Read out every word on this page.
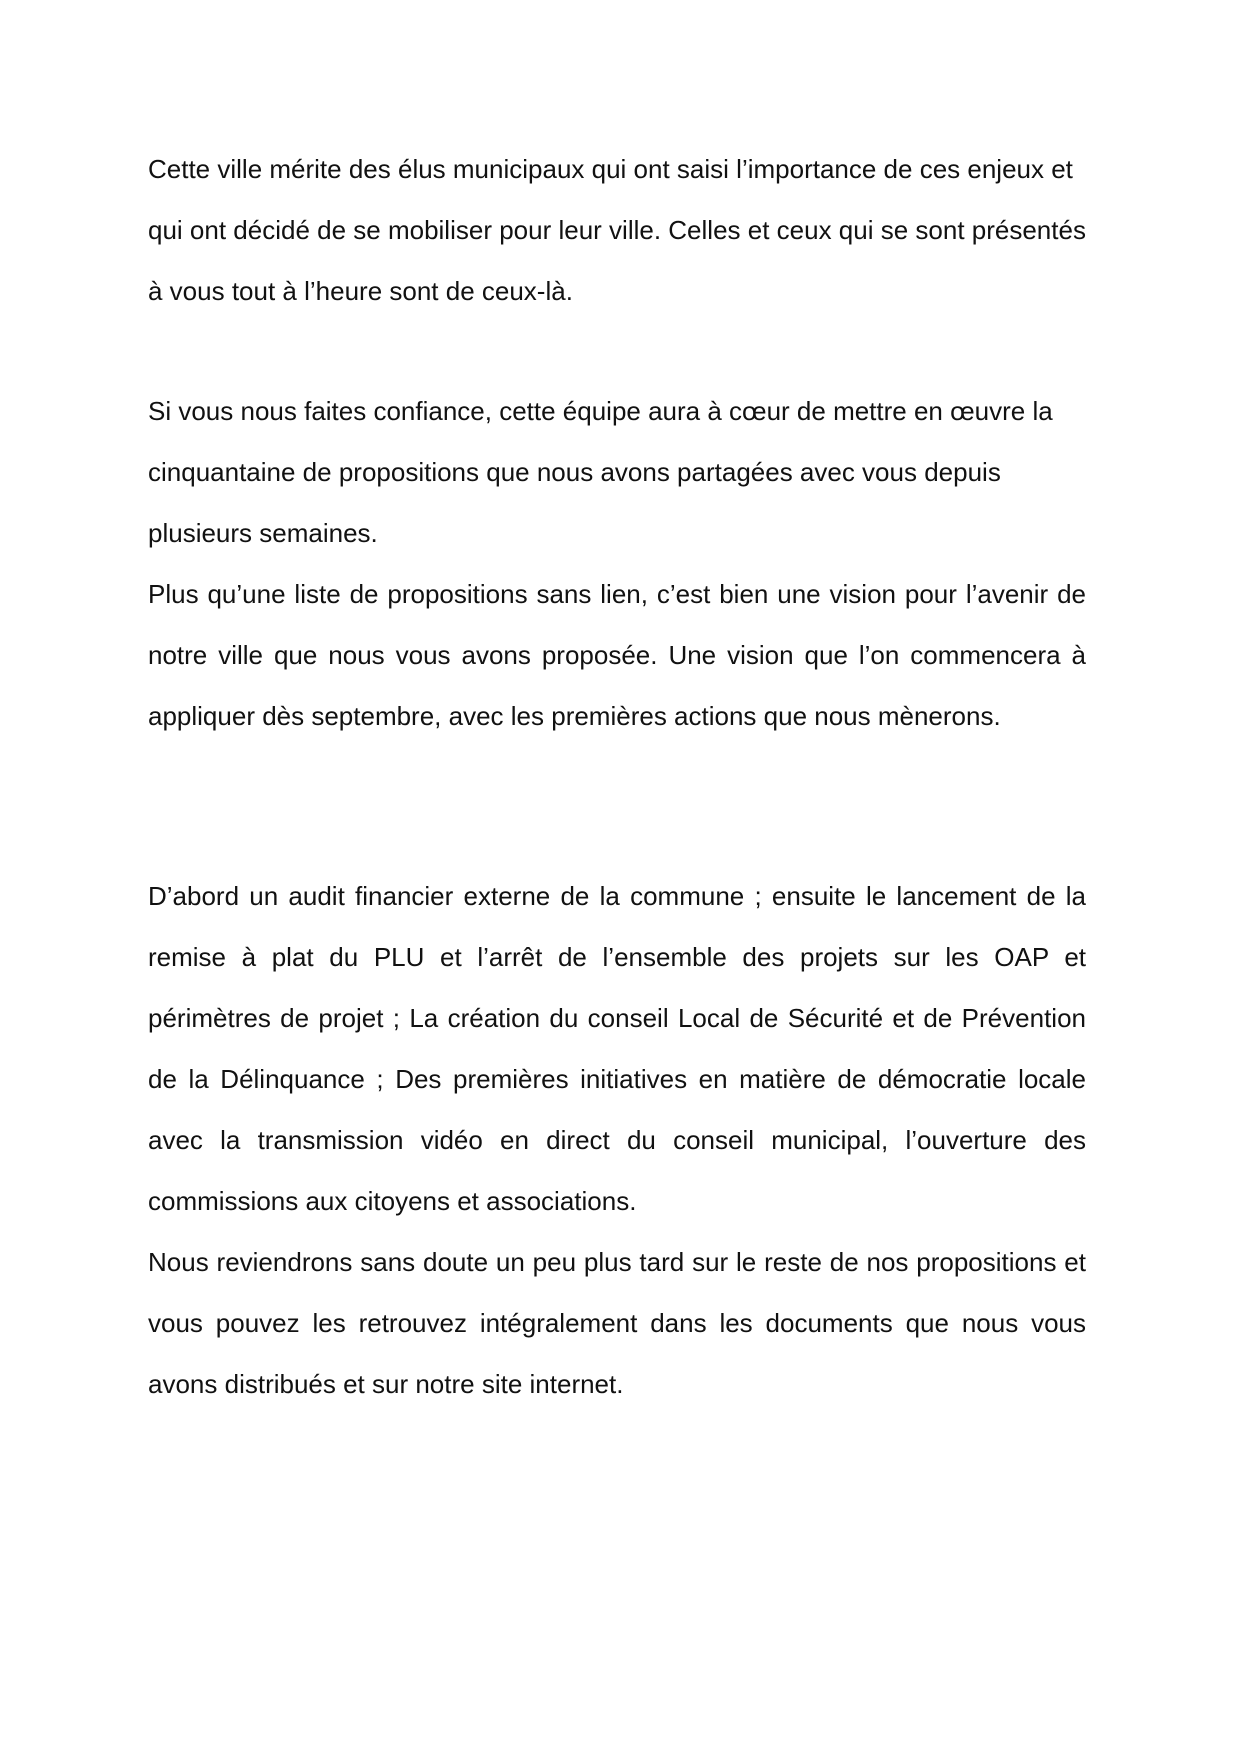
Cette ville mérite des élus municipaux qui ont saisi l’importance de ces enjeux et qui ont décidé de se mobiliser pour leur ville. Celles et ceux qui se sont présentés à vous tout à l’heure sont de ceux-là.

Si vous nous faites confiance, cette équipe aura à cœur de mettre en œuvre la cinquantaine de propositions que nous avons partagées avec vous depuis plusieurs semaines.

Plus qu’une liste de propositions sans lien, c’est bien une vision pour l’avenir de notre ville que nous vous avons proposée. Une vision que l’on commencera à appliquer dès septembre, avec les premières actions que nous mènerons.

D’abord un audit financier externe de la commune ; ensuite le lancement de la remise à plat du PLU et l’arrêt de l’ensemble des projets sur les OAP et périmètres de projet ; La création du conseil Local de Sécurité et de Prévention de la Délinquance ; Des premières initiatives en matière de démocratie locale avec la transmission vidéo en direct du conseil municipal, l’ouverture des commissions aux citoyens et associations.

Nous reviendrons sans doute un peu plus tard sur le reste de nos propositions et vous pouvez les retrouvez intégralement dans les documents que nous vous avons distribués et sur notre site internet.
